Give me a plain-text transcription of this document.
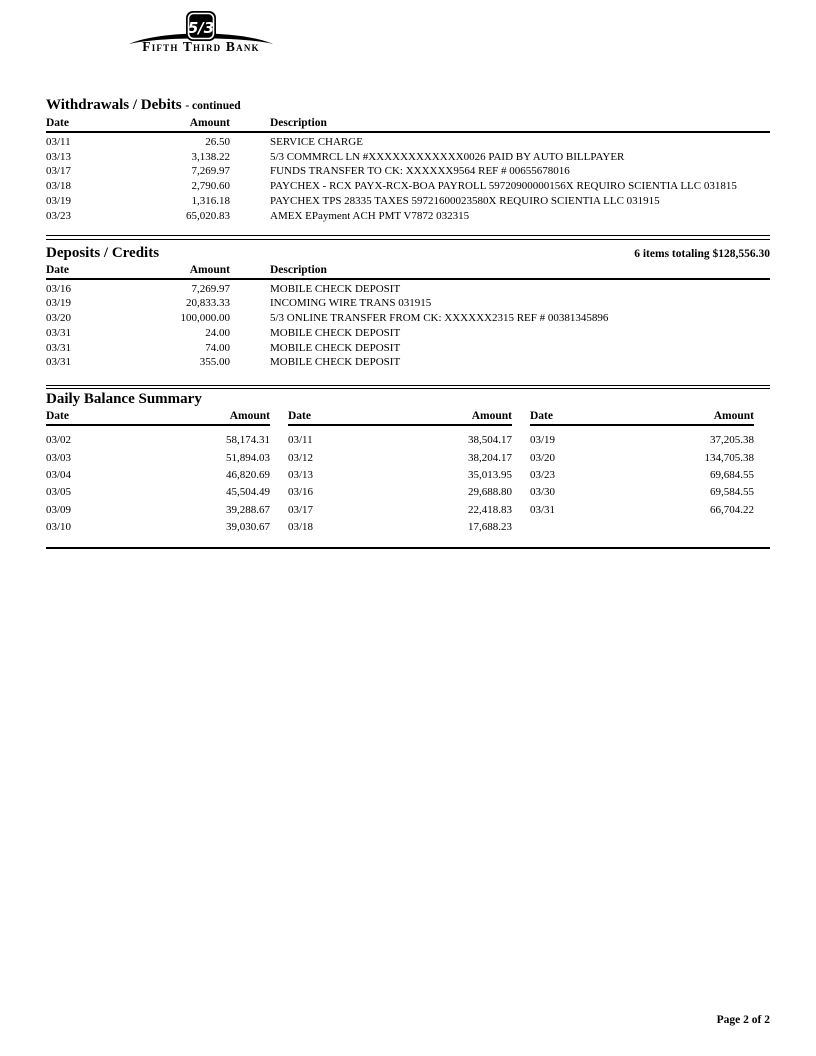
5/3
Fifth Third Bank
Withdrawals / Debits - continued
Date	Amount	Description
03/11	26.50	SERVICE CHARGE
03/13	3,138.22	5/3 COMMRCL LN #XXXXXXXXXXXX0026 PAID BY AUTO BILLPAYER
03/17	7,269.97	FUNDS TRANSFER TO CK: XXXXXX9564 REF # 00655678016
03/18	2,790.60	PAYCHEX - RCX PAYX-RCX-BOA PAYROLL 59720900000156X REQUIRO SCIENTIA LLC 031815
03/19	1,316.18	PAYCHEX TPS 28335 TAXES 59721600023580X REQUIRO SCIENTIA LLC 031915
03/23	65,020.83	AMEX EPayment ACH PMT V7872 032315
Deposits / Credits	6 items totaling $128,556.30
Date	Amount	Description
03/16	7,269.97	MOBILE CHECK DEPOSIT
03/19	20,833.33	INCOMING WIRE TRANS 031915
03/20	100,000.00	5/3 ONLINE TRANSFER FROM CK: XXXXXX2315 REF # 00381345896
03/31	24.00	MOBILE CHECK DEPOSIT
03/31	74.00	MOBILE CHECK DEPOSIT
03/31	355.00	MOBILE CHECK DEPOSIT
Daily Balance Summary
Date	Amount
03/02	58,174.31
03/03	51,894.03
03/04	46,820.69
03/05	45,504.49
03/09	39,288.67
03/10	39,030.67
Date	Amount
03/11	38,504.17
03/12	38,204.17
03/13	35,013.95
03/16	29,688.80
03/17	22,418.83
03/18	17,688.23
Date	Amount
03/19	37,205.38
03/20	134,705.38
03/23	69,684.55
03/30	69,584.55
03/31	66,704.22
Page 2 of 2
